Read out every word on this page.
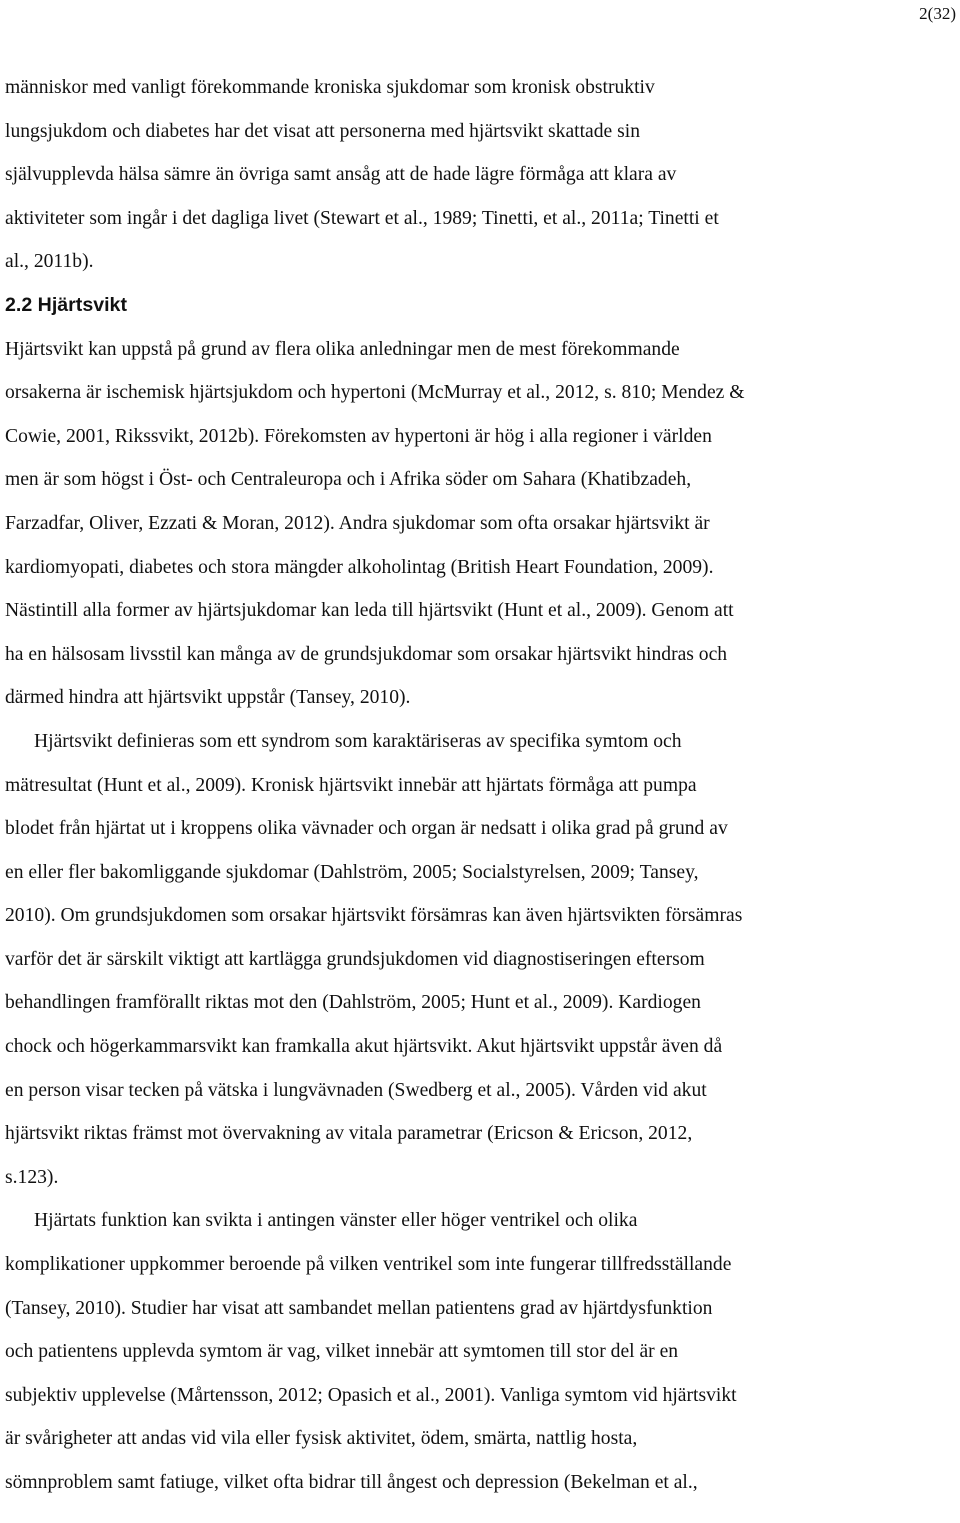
2(32)
människor med vanligt förekommande kroniska sjukdomar som kronisk obstruktiv
lungsjukdom och diabetes har det visat att personerna med hjärtsvikt skattade sin
självupplevda hälsa sämre än övriga samt ansåg att de hade lägre förmåga att klara av
aktiviteter som ingår i det dagliga livet (Stewart et al., 1989; Tinetti, et al., 2011a; Tinetti et
al., 2011b).
2.2 Hjärtsvikt
Hjärtsvikt kan uppstå på grund av flera olika anledningar men de mest förekommande
orsakerna är ischemisk hjärtsjukdom och hypertoni (McMurray et al., 2012, s. 810; Mendez &
Cowie, 2001, Rikssvikt, 2012b). Förekomsten av hypertoni är hög i alla regioner i världen
men är som högst i Öst- och Centraleuropa och i Afrika söder om Sahara (Khatibzadeh,
Farzadfar, Oliver, Ezzati & Moran, 2012). Andra sjukdomar som ofta orsakar hjärtsvikt är
kardiomyopati, diabetes och stora mängder alkoholintag (British Heart Foundation, 2009).
Nästintill alla former av hjärtsjukdomar kan leda till hjärtsvikt (Hunt et al., 2009). Genom att
ha en hälsosam livsstil kan många av de grundsjukdomar som orsakar hjärtsvikt hindras och
därmed hindra att hjärtsvikt uppstår (Tansey, 2010).
Hjärtsvikt definieras som ett syndrom som karaktäriseras av specifika symtom och
mätresultat (Hunt et al., 2009). Kronisk hjärtsvikt innebär att hjärtats förmåga att pumpa
blodet från hjärtat ut i kroppens olika vävnader och organ är nedsatt i olika grad på grund av
en eller fler bakomliggande sjukdomar (Dahlström, 2005; Socialstyrelsen, 2009; Tansey,
2010). Om grundsjukdomen som orsakar hjärtsvikt försämras kan även hjärtsvikten försämras
varför det är särskilt viktigt att kartlägga grundsjukdomen vid diagnostiseringen eftersom
behandlingen framförallt riktas mot den (Dahlström, 2005; Hunt et al., 2009). Kardiogen
chock och högerkammarsvikt kan framkalla akut hjärtsvikt. Akut hjärtsvikt uppstår även då
en person visar tecken på vätska i lungvävnaden (Swedberg et al., 2005). Vården vid akut
hjärtsvikt riktas främst mot övervakning av vitala parametrar (Ericson & Ericson, 2012,
s.123).
Hjärtats funktion kan svikta i antingen vänster eller höger ventrikel och olika
komplikationer uppkommer beroende på vilken ventrikel som inte fungerar tillfredsställande
(Tansey, 2010). Studier har visat att sambandet mellan patientens grad av hjärtdysfunktion
och patientens upplevda symtom är vag, vilket innebär att symtomen till stor del är en
subjektiv upplevelse (Mårtensson, 2012; Opasich et al., 2001). Vanliga symtom vid hjärtsvikt
är svårigheter att andas vid vila eller fysisk aktivitet, ödem, smärta, nattlig hosta,
sömnproblem samt fatiuge, vilket ofta bidrar till ångest och depression (Bekelman et al.,
